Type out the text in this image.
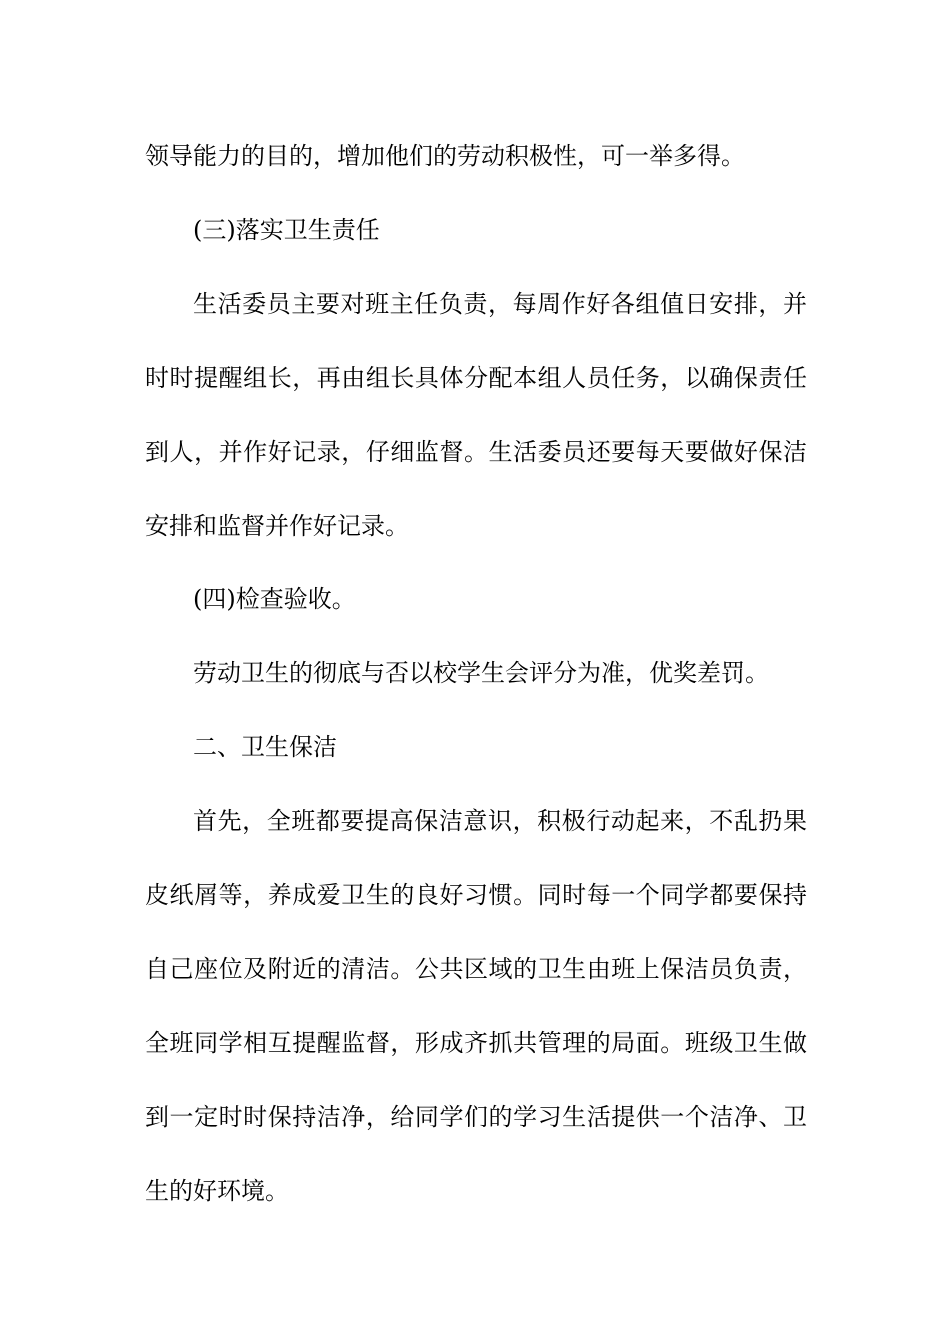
领导能力的目的，增加他们的劳动积极性，可一举多得。

(三)落实卫生责任

生活委员主要对班主任负责，每周作好各组值日安排，并时时提醒组长，再由组长具体分配本组人员任务，以确保责任到人，并作好记录，仔细监督。生活委员还要每天要做好保洁安排和监督并作好记录。

(四)检查验收。

劳动卫生的彻底与否以校学生会评分为准，优奖差罚。

二、卫生保洁

首先，全班都要提高保洁意识，积极行动起来，不乱扔果皮纸屑等，养成爱卫生的良好习惯。同时每一个同学都要保持自己座位及附近的清洁。公共区域的卫生由班上保洁员负责，全班同学相互提醒监督，形成齐抓共管理的局面。班级卫生做到一定时时保持洁净，给同学们的学习生活提供一个洁净、卫生的好环境。
